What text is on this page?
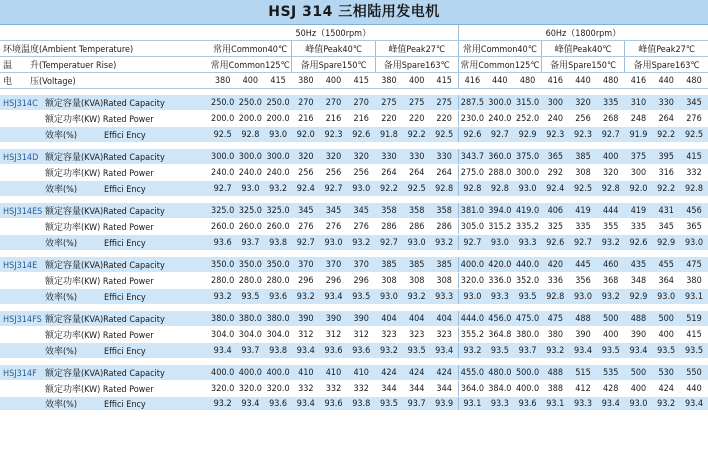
HSJ 314 三相陆用发电机
	50Hz（1500rpm）									60Hz（1800rpm）								
环境温度(Ambient Temperature)	常用Common40℃			峰值Peak40℃			峰值Peak27℃			常用Common40℃			峰值Peak40℃			峰值Peak27℃		
温　　升(Temperatuer Rise)	常用Common125℃			备用Spare150℃			备用Spare163℃			常用Common125℃			备用Spare150℃			备用Spare163℃		
电　　压(Voltage)	380	400	415	380	400	415	380	400	415	416	440	480	416	440	480	416	440	480

HSJ314C 额定容量(KVA)Rated Capacity	250.0	250.0	250.0	270	270	270	275	275	275	287.5	300.0	315.0	300	320	335	310	330	345
额定功率(KW) Rated Power	200.0	200.0	200.0	216	216	216	220	220	220	230.0	240.0	252.0	240	256	268	248	264	276
效率(%)　　　Effici Ency	92.5	92.8	93.0	92.0	92.3	92.6	91.8	92.2	92.5	92.6	92.7	92.9	92.3	92.3	92.7	91.9	92.2	92.5

HSJ314D 额定容量(KVA)Rated Capacity	300.0	300.0	300.0	320	320	320	330	330	330	343.7	360.0	375.0	365	385	400	375	395	415
额定功率(KW) Rated Power	240.0	240.0	240.0	256	256	256	264	264	264	275.0	288.0	300.0	292	308	320	300	316	332
效率(%)　　　Effici Ency	92.7	93.0	93.2	92.4	92.7	93.0	92.2	92.5	92.8	92.8	92.8	93.0	92.4	92.5	92.8	92.0	92.2	92.8

HSJ314ES 额定容量(KVA)Rated Capacity	325.0	325.0	325.0	345	345	345	358	358	358	381.0	394.0	419.0	406	419	444	419	431	456
额定功率(KW) Rated Power	260.0	260.0	260.0	276	276	276	286	286	286	305.0	315.2	335.2	325	335	355	335	345	365
效率(%)　　　Effici Ency	93.6	93.7	93.8	92.7	93.0	93.2	92.7	93.0	93.2	92.7	93.0	93.3	92.6	92.7	93.2	92.6	92.9	93.0

HSJ314E 额定容量(KVA)Rated Capacity	350.0	350.0	350.0	370	370	370	385	385	385	400.0	420.0	440.0	420	445	460	435	455	475
额定功率(KW) Rated Power	280.0	280.0	280.0	296	296	296	308	308	308	320.0	336.0	352.0	336	356	368	348	364	380
效率(%)　　　Effici Ency	93.2	93.5	93.6	93.2	93.4	93.5	93.0	93.2	93.3	93.0	93.3	93.5	92.8	93.0	93.2	92.9	93.0	93.1

HSJ314FS 额定容量(KVA)Rated Capacity	380.0	380.0	380.0	390	390	390	404	404	404	444.0	456.0	475.0	475	488	500	488	500	519
额定功率(KW) Rated Power	304.0	304.0	304.0	312	312	312	323	323	323	355.2	364.8	380.0	380	390	400	390	400	415
效率(%)　　　Effici Ency	93.4	93.7	93.8	93.4	93.6	93.6	93.2	93.5	93.4	93.2	93.5	93.7	93.2	93.4	93.5	93.4	93.5	93.5

HSJ314F 额定容量(KVA)Rated Capacity	400.0	400.0	400.0	410	410	410	424	424	424	455.0	480.0	500.0	488	515	535	500	530	550
额定功率(KW) Rated Power	320.0	320.0	320.0	332	332	332	344	344	344	364.0	384.0	400.0	388	412	428	400	424	440
效率(%)　　　Effici Ency	93.2	93.4	93.6	93.4	93.6	93.8	93.5	93.7	93.9	93.1	93.3	93.6	93.1	93.3	93.4	93.0	93.2	93.4
